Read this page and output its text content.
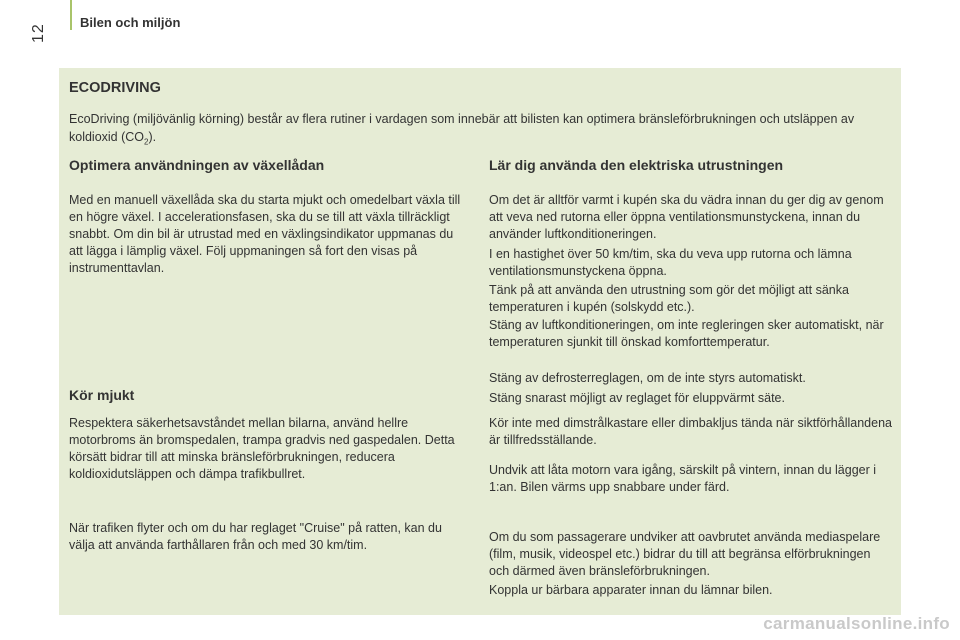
12
Bilen och miljön
ECODRIVING
EcoDriving (miljövänlig körning) består av flera rutiner i vardagen som innebär att bilisten kan optimera bränsleförbrukningen och utsläppen av koldioxid $(CO_2)$.
Optimera användningen av växellådan

Med en manuell växellåda ska du starta mjukt och omedelbart växla till en högre växel. I accelerationsfasen, ska du se till att växla tillräckligt snabbt. Om din bil är utrustad med en växlingsindikator uppmanas du att lägga i lämplig växel. Följ uppmaningen så fort den visas på instrumenttavlan.

Kör mjukt

Respektera säkerhetsavståndet mellan bilarna, använd hellre motorbroms än bromspedalen, trampa gradvis ned gaspedalen. Detta körsätt bidrar till att minska bränsleförbrukningen, reducera koldioxidutsläppen och dämpa trafikbullret.

När trafiken flyter och om du har reglaget "Cruise" på ratten, kan du välja att använda farthållaren från och med 30 km/tim.

Lär dig använda den elektriska utrustningen

Om det är alltför varmt i kupén ska du vädra innan du ger dig av genom att veva ned rutorna eller öppna ventilationsmunstyckena, innan du använder luftkonditioneringen.

I en hastighet över 50 km/tim, ska du veva upp rutorna och lämna ventilationsmunstyckena öppna.

Tänk på att använda den utrustning som gör det möjligt att sänka temperaturen i kupén (solskydd etc.).

Stäng av luftkonditioneringen, om inte regleringen sker automatiskt, när temperaturen sjunkit till önskad komforttemperatur.

Stäng av defrosterreglagen, om de inte styrs automatiskt.

Stäng snarast möjligt av reglaget för eluppvärmt säte.

Kör inte med dimstrålkastare eller dimbakljus tända när siktförhållandena är tillfredsställande.

Undvik att låta motorn vara igång, särskilt på vintern, innan du lägger i 1:an. Bilen värms upp snabbare under färd.

Om du som passagerare undviker att oavbrutet använda mediaspelare (film, musik, videospel etc.) bidrar du till att begränsa elförbrukningen och därmed även bränsleförbrukningen.

Koppla ur bärbara apparater innan du lämnar bilen.

carmanualsonline.info
